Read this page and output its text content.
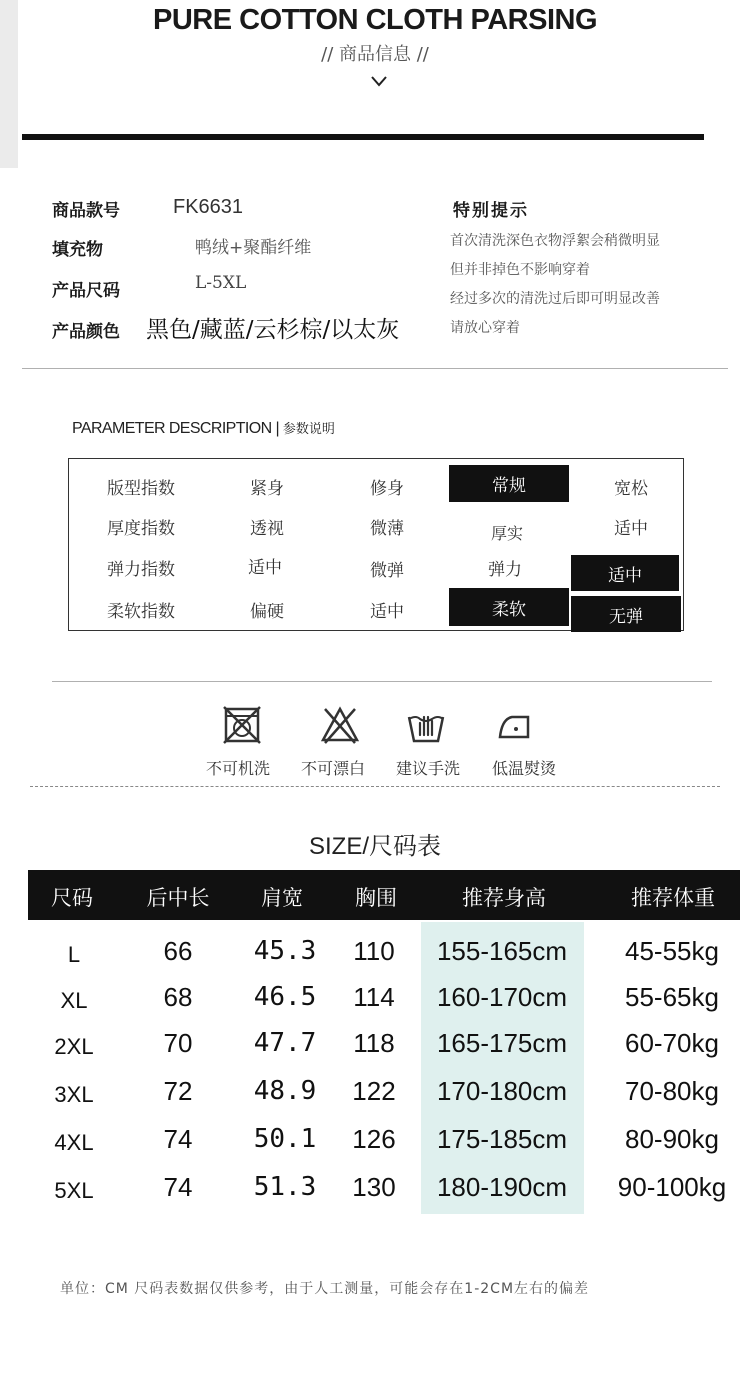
PURE COTTON CLOTH PARSING
// 商品信息 //
商品款号	FK6631
填充物	鸭绒+聚酯纤维
产品尺码	L-5XL
产品颜色 黑色/藏蓝/云杉棕/以太灰
特别提示
首次清洗深色衣物浮絮会稍微明显
但并非掉色不影响穿着
经过多次的清洗过后即可明显改善
请放心穿着
PARAMETER DESCRIPTION | 参数说明
版型指数	紧身	修身	常规	宽松
厚度指数	透视	微薄	厚实	适中
弹力指数	适中	微弹	弹力	适中
柔软指数	偏硬	适中	柔软	无弹
不可机洗	不可漂白	建议手洗	低温熨烫
SIZE/尺码表
尺码	后中长	肩宽	胸围	推荐身高	推荐体重
L	66	45.3	110	155-165cm	45-55kg
XL	68	46.5	114	160-170cm	55-65kg
2XL	70	47.7	118	165-175cm	60-70kg
3XL	72	48.9	122	170-180cm	70-80kg
4XL	74	50.1	126	175-185cm	80-90kg
5XL	74	51.3	130	180-190cm	90-100kg
单位：CM 尺码表数据仅供参考，由于人工测量，可能会存在1-2CM左右的偏差
